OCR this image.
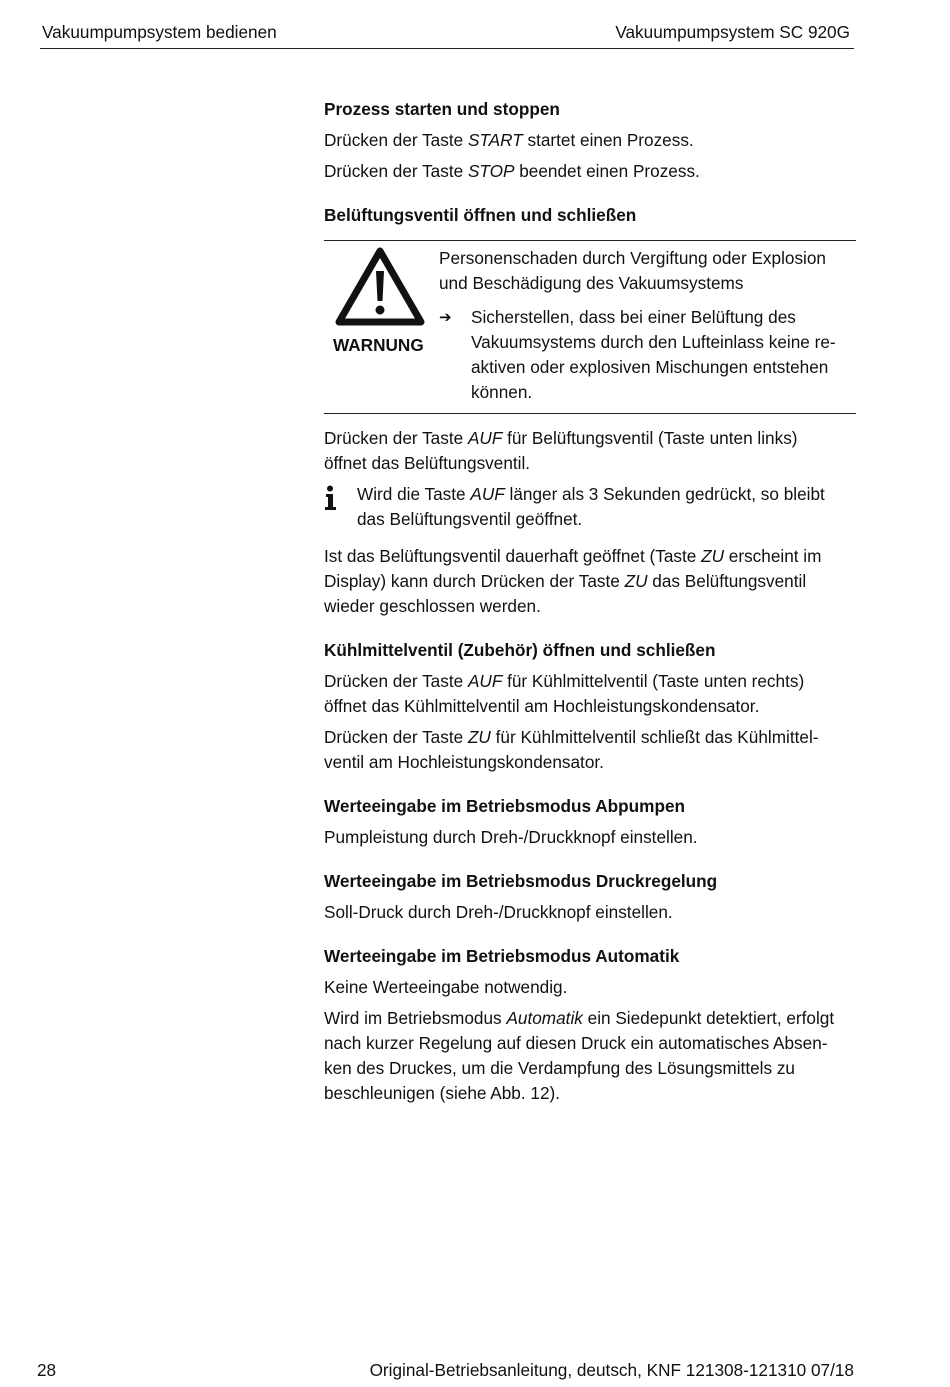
Vakuumpumpsystem bedienen	Vakuumpumpsystem SC 920G
Prozess starten und stoppen
Drücken der Taste START startet einen Prozess.
Drücken der Taste STOP beendet einen Prozess.
Belüftungsventil öffnen und schließen
WARNUNG
Personenschaden durch Vergiftung oder Explosion
und Beschädigung des Vakuumsystems
➔ Sicherstellen, dass bei einer Belüftung des
Vakuumsystems durch den Lufteinlass keine re-
aktiven oder explosiven Mischungen entstehen
können.
Drücken der Taste AUF für Belüftungsventil (Taste unten links)
öffnet das Belüftungsventil.
Wird die Taste AUF länger als 3 Sekunden gedrückt, so bleibt
das Belüftungsventil geöffnet.
Ist das Belüftungsventil dauerhaft geöffnet (Taste ZU erscheint im
Display) kann durch Drücken der Taste ZU das Belüftungsventil
wieder geschlossen werden.
Kühlmittelventil (Zubehör) öffnen und schließen
Drücken der Taste AUF für Kühlmittelventil (Taste unten rechts)
öffnet das Kühlmittelventil am Hochleistungskondensator.
Drücken der Taste ZU für Kühlmittelventil schließt das Kühlmittel-
ventil am Hochleistungskondensator.
Werteeingabe im Betriebsmodus Abpumpen
Pumpleistung durch Dreh-/Druckknopf einstellen.
Werteeingabe im Betriebsmodus Druckregelung
Soll-Druck durch Dreh-/Druckknopf einstellen.
Werteeingabe im Betriebsmodus Automatik
Keine Werteeingabe notwendig.
Wird im Betriebsmodus Automatik ein Siedepunkt detektiert, erfolgt
nach kurzer Regelung auf diesen Druck ein automatisches Absen-
ken des Druckes, um die Verdampfung des Lösungsmittels zu
beschleunigen (siehe Abb. 12).
28	Original-Betriebsanleitung, deutsch, KNF 121308-121310 07/18
